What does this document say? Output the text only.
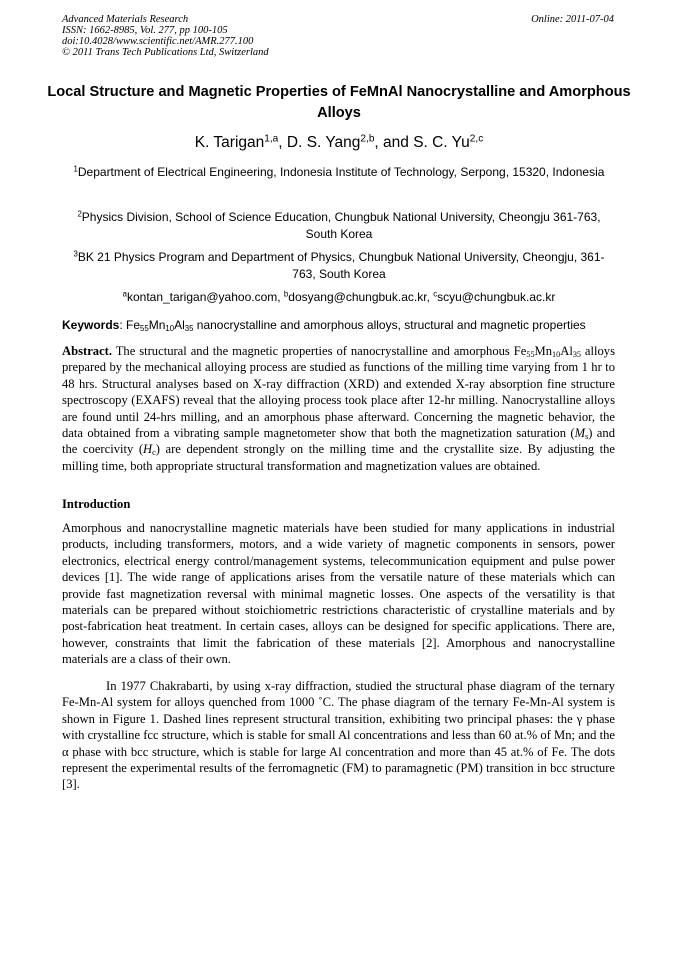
Advanced Materials Research
ISSN: 1662-8985, Vol. 277, pp 100-105
doi:10.4028/www.scientific.net/AMR.277.100
© 2011 Trans Tech Publications Ltd, Switzerland
Online: 2011-07-04
Local Structure and Magnetic Properties of FeMnAl Nanocrystalline and Amorphous Alloys
K. Tarigan$^{1,a}$, D. S. Yang$^{2,b}$, and S. C. Yu$^{2,c}$
$^1$Department of Electrical Engineering, Indonesia Institute of Technology, Serpong, 15320, Indonesia
$^2$Physics Division, School of Science Education, Chungbuk National University, Cheongju 361-763, South Korea
$^3$BK 21 Physics Program and Department of Physics, Chungbuk National University, Cheongju, 361-763, South Korea
$^a$kontan_tarigan@yahoo.com, $^b$dosyang@chungbuk.ac.kr, $^c$scyu@chungbuk.ac.kr
Keywords: $Fe_{55}Mn_{10}Al_{35}$ nanocrystalline and amorphous alloys, structural and magnetic properties
Abstract. The structural and the magnetic properties of nanocrystalline and amorphous $Fe_{55}Mn_{10}Al_{35}$ alloys prepared by the mechanical alloying process are studied as functions of the milling time varying from 1 hr to 48 hrs. Structural analyses based on X-ray diffraction (XRD) and extended X-ray absorption fine structure spectroscopy (EXAFS) reveal that the alloying process took place after 12-hr milling. Nanocrystalline alloys are found until 24-hrs milling, and an amorphous phase afterward. Concerning the magnetic behavior, the data obtained from a vibrating sample magnetometer show that both the magnetization saturation $(M_s)$ and the coercivity $(H_c)$ are dependent strongly on the milling time and the crystallite size. By adjusting the milling time, both appropriate structural transformation and magnetization values are obtained.
Introduction
Amorphous and nanocrystalline magnetic materials have been studied for many applications in industrial products, including transformers, motors, and a wide variety of magnetic components in sensors, power electronics, electrical energy control/management systems, telecommunication equipment and pulse power devices [1]. The wide range of applications arises from the versatile nature of these materials which can provide fast magnetization reversal with minimal magnetic losses. One aspects of the versatility is that materials can be prepared without stoichiometric restrictions characteristic of crystalline materials and by post-fabrication heat treatment. In certain cases, alloys can be designed for specific applications. There are, however, constraints that limit the fabrication of these materials [2]. Amorphous and nanocrystalline materials are a class of their own.
In 1977 Chakrabarti, by using x-ray diffraction, studied the structural phase diagram of the ternary Fe-Mn-Al system for alloys quenched from 1000 ˚C. The phase diagram of the ternary Fe-Mn-Al system is shown in Figure 1. Dashed lines represent structural transition, exhibiting two principal phases: the γ phase with crystalline fcc structure, which is stable for small Al concentrations and less than 60 at.% of Mn; and the α phase with bcc structure, which is stable for large Al concentration and more than 45 at.% of Fe. The dots represent the experimental results of the ferromagnetic (FM) to paramagnetic (PM) transition in bcc structure [3].
